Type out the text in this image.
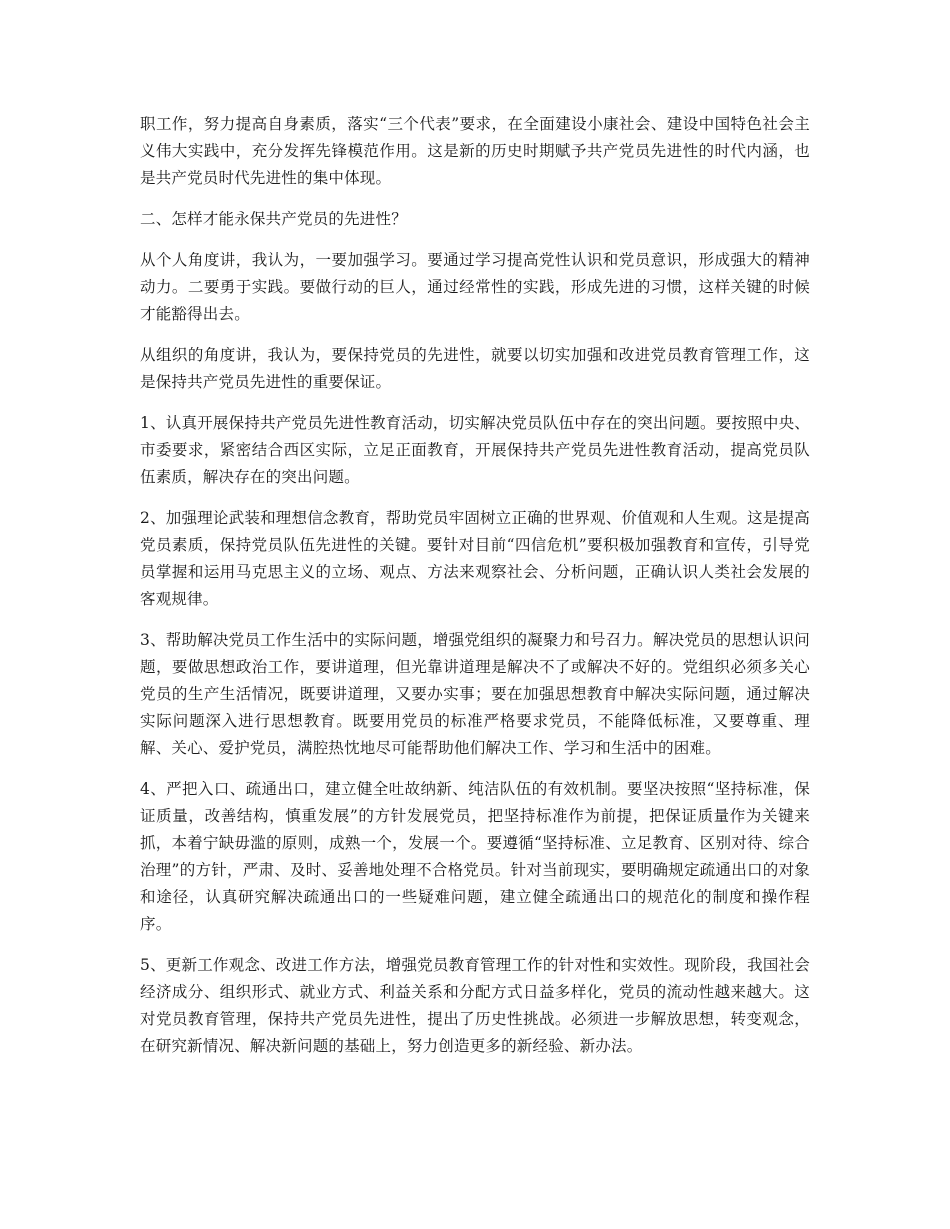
职工作，努力提高自身素质，落实“三个代表”要求，在全面建设小康社会、建设中国特色社会主义伟大实践中，充分发挥先锋模范作用。这是新的历史时期赋予共产党员先进性的时代内涵，也是共产党员时代先进性的集中体现。

二、怎样才能永保共产党员的先进性？

从个人角度讲，我认为，一要加强学习。要通过学习提高党性认识和党员意识，形成强大的精神动力。二要勇于实践。要做行动的巨人，通过经常性的实践，形成先进的习惯，这样关键的时候才能豁得出去。

从组织的角度讲，我认为，要保持党员的先进性，就要以切实加强和改进党员教育管理工作，这是保持共产党员先进性的重要保证。

1、认真开展保持共产党员先进性教育活动，切实解决党员队伍中存在的突出问题。要按照中央、市委要求，紧密结合西区实际，立足正面教育，开展保持共产党员先进性教育活动，提高党员队伍素质，解决存在的突出问题。

2、加强理论武装和理想信念教育，帮助党员牢固树立正确的世界观、价值观和人生观。这是提高党员素质，保持党员队伍先进性的关键。要针对目前“四信危机”要积极加强教育和宣传，引导党员掌握和运用马克思主义的立场、观点、方法来观察社会、分析问题，正确认识人类社会发展的客观规律。

3、帮助解决党员工作生活中的实际问题，增强党组织的凝聚力和号召力。解决党员的思想认识问题，要做思想政治工作，要讲道理，但光靠讲道理是解决不了或解决不好的。党组织必须多关心党员的生产生活情况，既要讲道理，又要办实事；要在加强思想教育中解决实际问题，通过解决实际问题深入进行思想教育。既要用党员的标准严格要求党员，不能降低标准，又要尊重、理解、关心、爱护党员，满腔热忱地尽可能帮助他们解决工作、学习和生活中的困难。

4、严把入口、疏通出口，建立健全吐故纳新、纯洁队伍的有效机制。要坚决按照“坚持标准，保证质量，改善结构，慎重发展”的方针发展党员，把坚持标准作为前提，把保证质量作为关键来抓，本着宁缺毋滥的原则，成熟一个，发展一个。要遵循“坚持标准、立足教育、区别对待、综合治理”的方针，严肃、及时、妥善地处理不合格党员。针对当前现实，要明确规定疏通出口的对象和途径，认真研究解决疏通出口的一些疑难问题，建立健全疏通出口的规范化的制度和操作程序。

5、更新工作观念、改进工作方法，增强党员教育管理工作的针对性和实效性。现阶段，我国社会经济成分、组织形式、就业方式、利益关系和分配方式日益多样化，党员的流动性越来越大。这对党员教育管理，保持共产党员先进性，提出了历史性挑战。必须进一步解放思想，转变观念，在研究新情况、解决新问题的基础上，努力创造更多的新经验、新办法。
